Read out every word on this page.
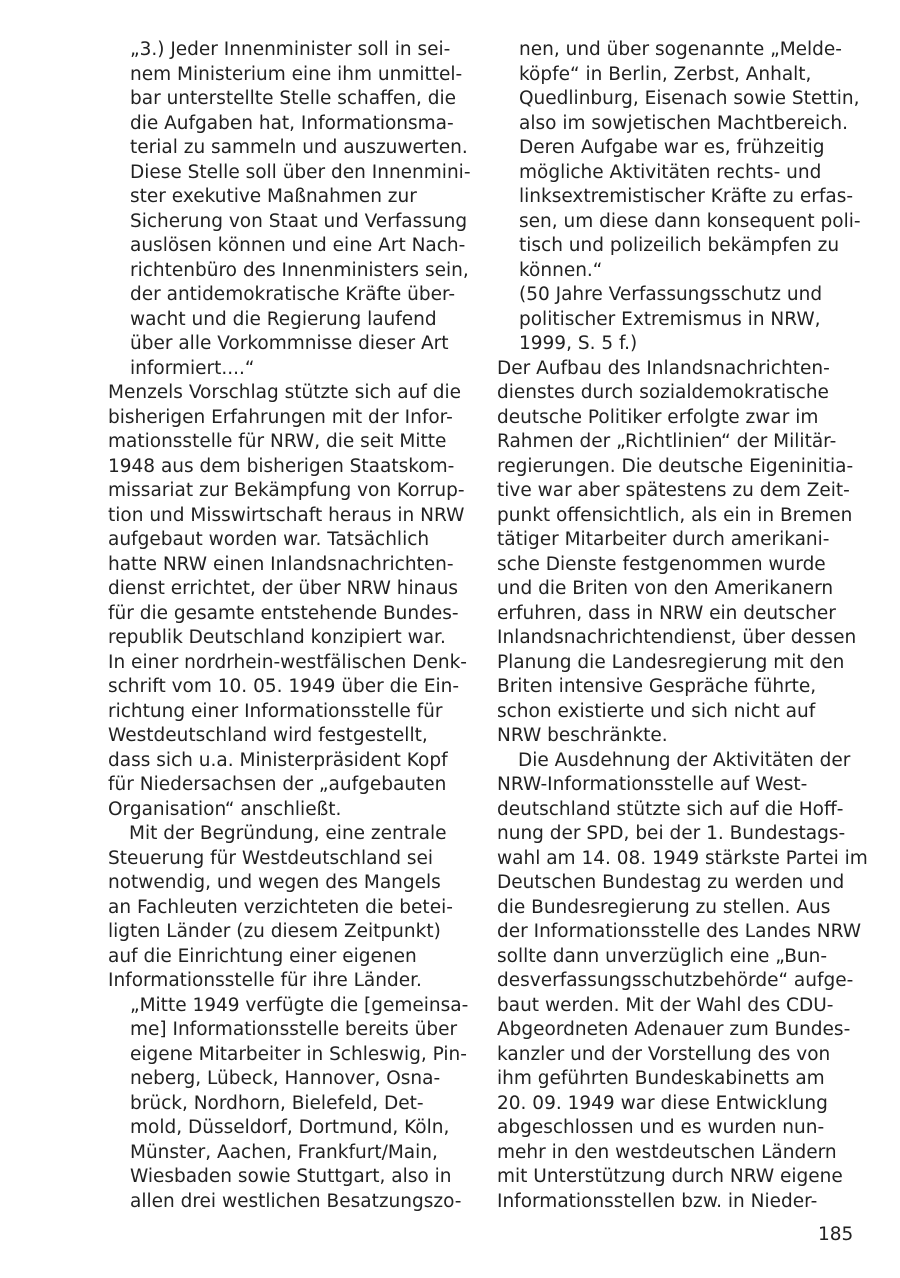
„3.) Jeder Innenminister soll in sei-
nem Ministerium eine ihm unmittel-
bar unterstellte Stelle schaffen, die
die Aufgaben hat, Informationsma-
terial zu sammeln und auszuwerten.
Diese Stelle soll über den Innenmini-
ster exekutive Maßnahmen zur
Sicherung von Staat und Verfassung
auslösen können und eine Art Nach-
richtenbüro des Innenministers sein,
der antidemokratische Kräfte über-
wacht und die Regierung laufend
über alle Vorkommnisse dieser Art
informiert....“
Menzels Vorschlag stützte sich auf die
bisherigen Erfahrungen mit der Infor-
mationsstelle für NRW, die seit Mitte
1948 aus dem bisherigen Staatskom-
missariat zur Bekämpfung von Korrup-
tion und Misswirtschaft heraus in NRW
aufgebaut worden war. Tatsächlich
hatte NRW einen Inlandsnachrichten-
dienst errichtet, der über NRW hinaus
für die gesamte entstehende Bundes-
republik Deutschland konzipiert war.
In einer nordrhein-westfälischen Denk-
schrift vom 10. 05. 1949 über die Ein-
richtung einer Informationsstelle für
Westdeutschland wird festgestellt,
dass sich u.a. Ministerpräsident Kopf
für Niedersachsen der „aufgebauten
Organisation“ anschließt.
Mit der Begründung, eine zentrale
Steuerung für Westdeutschland sei
notwendig, und wegen des Mangels
an Fachleuten verzichteten die betei-
ligten Länder (zu diesem Zeitpunkt)
auf die Einrichtung einer eigenen
Informationsstelle für ihre Länder.
„Mitte 1949 verfügte die [gemeinsa-
me] Informationsstelle bereits über
eigene Mitarbeiter in Schleswig, Pin-
neberg, Lübeck, Hannover, Osna-
brück, Nordhorn, Bielefeld, Det-
mold, Düsseldorf, Dortmund, Köln,
Münster, Aachen, Frankfurt/Main,
Wiesbaden sowie Stuttgart, also in
allen drei westlichen Besatzungszo-
nen, und über sogenannte „Melde-
köpfe“ in Berlin, Zerbst, Anhalt,
Quedlinburg, Eisenach sowie Stettin,
also im sowjetischen Machtbereich.
Deren Aufgabe war es, frühzeitig
mögliche Aktivitäten rechts- und
linksextremistischer Kräfte zu erfas-
sen, um diese dann konsequent poli-
tisch und polizeilich bekämpfen zu
können.“
(50 Jahre Verfassungsschutz und
politischer Extremismus in NRW,
1999, S. 5 f.)
Der Aufbau des Inlandsnachrichten-
dienstes durch sozialdemokratische
deutsche Politiker erfolgte zwar im
Rahmen der „Richtlinien“ der Militär-
regierungen. Die deutsche Eigeninitia-
tive war aber spätestens zu dem Zeit-
punkt offensichtlich, als ein in Bremen
tätiger Mitarbeiter durch amerikani-
sche Dienste festgenommen wurde
und die Briten von den Amerikanern
erfuhren, dass in NRW ein deutscher
Inlandsnachrichtendienst, über dessen
Planung die Landesregierung mit den
Briten intensive Gespräche führte,
schon existierte und sich nicht auf
NRW beschränkte.
Die Ausdehnung der Aktivitäten der
NRW-Informationsstelle auf West-
deutschland stützte sich auf die Hoff-
nung der SPD, bei der 1. Bundestags-
wahl am 14. 08. 1949 stärkste Partei im
Deutschen Bundestag zu werden und
die Bundesregierung zu stellen. Aus
der Informationsstelle des Landes NRW
sollte dann unverzüglich eine „Bun-
desverfassungsschutzbehörde“ aufge-
baut werden. Mit der Wahl des CDU-
Abgeordneten Adenauer zum Bundes-
kanzler und der Vorstellung des von
ihm geführten Bundeskabinetts am
20. 09. 1949 war diese Entwicklung
abgeschlossen und es wurden nun-
mehr in den westdeutschen Ländern
mit Unterstützung durch NRW eigene
Informationsstellen bzw. in Nieder-
185
